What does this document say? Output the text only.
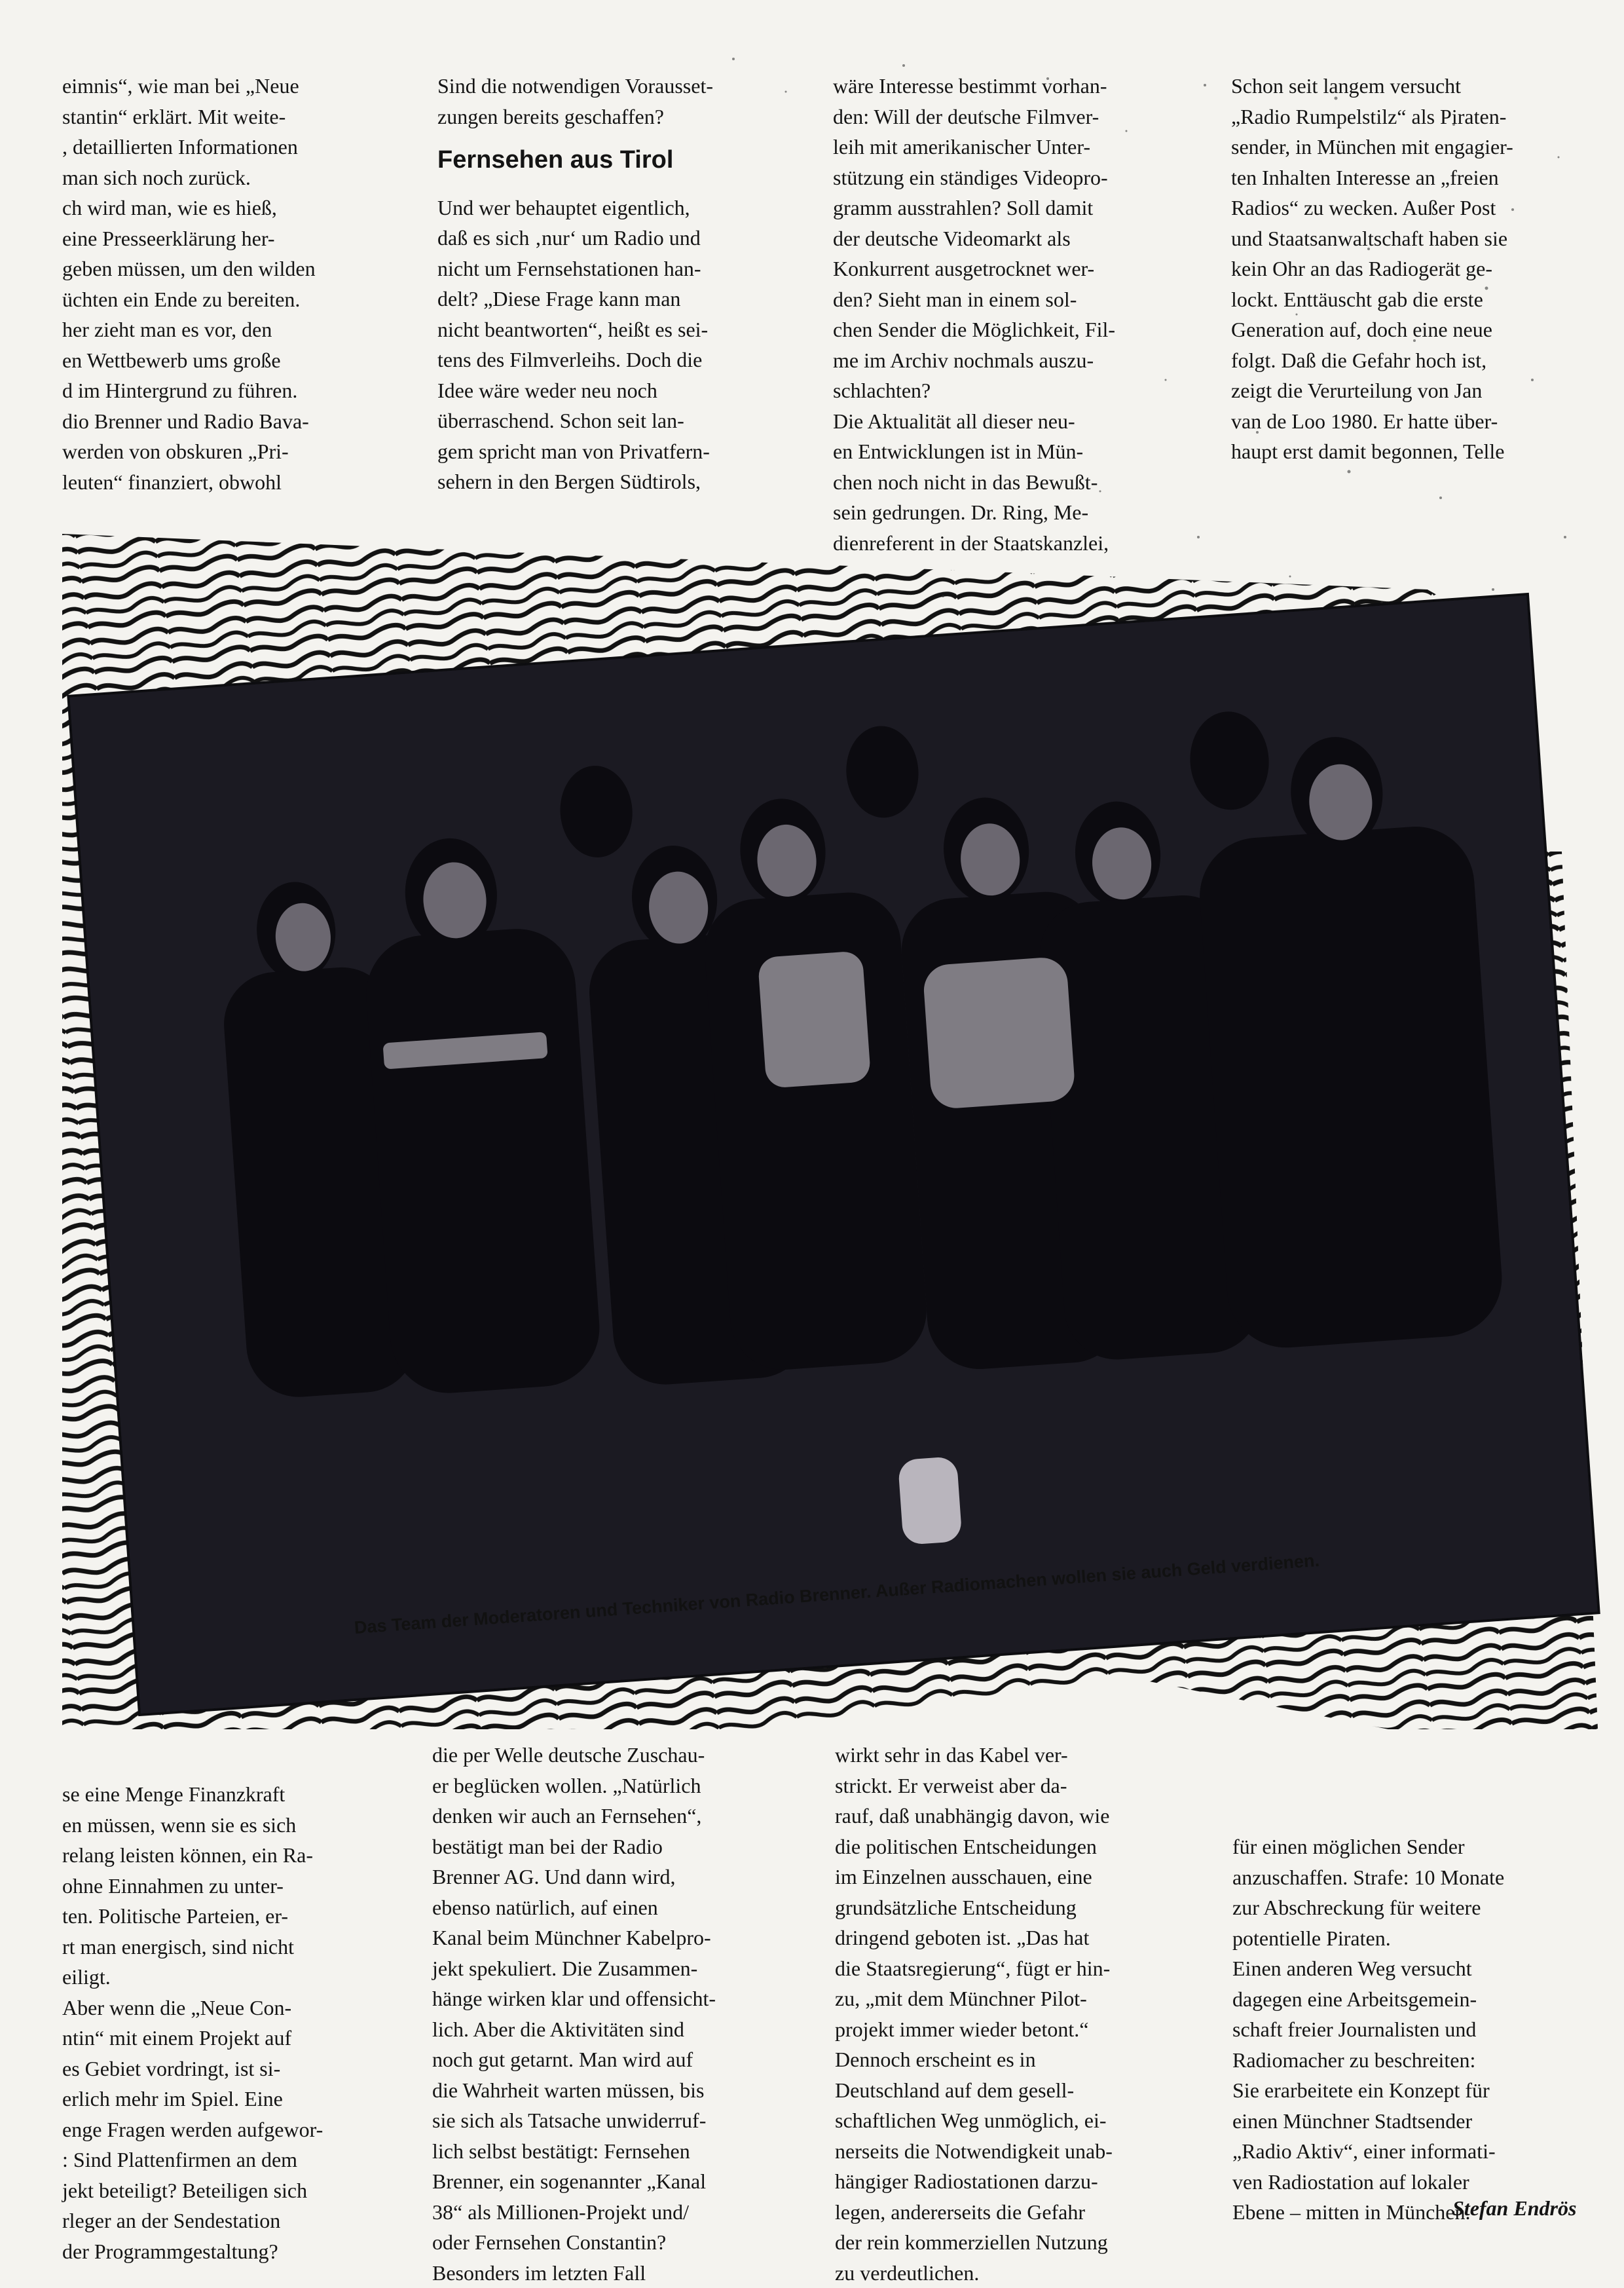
eimnis“, wie man bei „Neue
stantin“ erklärt. Mit weite-
, detaillierten Informationen
man sich noch zurück.
ch wird man, wie es hieß,
eine Presseerklärung her-
geben müssen, um den wilden
üchten ein Ende zu bereiten.
her zieht man es vor, den
en Wettbewerb ums große
d im Hintergrund zu führen.
dio Brenner und Radio Bava-
werden von obskuren „Pri-
leuten“ finanziert, obwohl
Sind die notwendigen Vorausset-
zungen bereits geschaffen?
Fernsehen aus Tirol
Und wer behauptet eigentlich,
daß es sich ‚nur‘ um Radio und
nicht um Fernsehstationen han-
delt? „Diese Frage kann man
nicht beantworten“, heißt es sei-
tens des Filmverleihs. Doch die
Idee wäre weder neu noch
überraschend. Schon seit lan-
gem spricht man von Privatfern-
sehern in den Bergen Südtirols,
wäre Interesse bestimmt vorhan-
den: Will der deutsche Filmver-
leih mit amerikanischer Unter-
stützung ein ständiges Videopro-
gramm ausstrahlen? Soll damit
der deutsche Videomarkt als
Konkurrent ausgetrocknet wer-
den? Sieht man in einem sol-
chen Sender die Möglichkeit, Fil-
me im Archiv nochmals auszu-
schlachten?
Die Aktualität all dieser neu-
en Entwicklungen ist in Mün-
chen noch nicht in das Bewußt-
sein gedrungen. Dr. Ring, Me-
dienreferent in der Staatskanzlei,
Schon seit langem versucht
„Radio Rumpelstilz“ als Piraten-
sender, in München mit engagier-
ten Inhalten Interesse an „freien
Radios“ zu wecken. Außer Post
und Staatsanwaltschaft haben sie
kein Ohr an das Radiogerät ge-
lockt. Enttäuscht gab die erste
Generation auf, doch eine neue
folgt. Daß die Gefahr hoch ist,
zeigt die Verurteilung von Jan
van de Loo 1980. Er hatte über-
haupt erst damit begonnen, Telle
Das Team der Moderatoren und Techniker von Radio Brenner. Außer Radiomachen wollen sie auch Geld verdienen.
se eine Menge Finanzkraft
en müssen, wenn sie es sich
relang leisten können, ein Ra-
ohne Einnahmen zu unter-
ten. Politische Parteien, er-
rt man energisch, sind nicht
eiligt.
Aber wenn die „Neue Con-
ntin“ mit einem Projekt auf
es Gebiet vordringt, ist si-
erlich mehr im Spiel. Eine
enge Fragen werden aufgewor-
: Sind Plattenfirmen an dem
jekt beteiligt? Beteiligen sich
rleger an der Sendestation
der Programmgestaltung?
die per Welle deutsche Zuschau-
er beglücken wollen. „Natürlich
denken wir auch an Fernsehen“,
bestätigt man bei der Radio
Brenner AG. Und dann wird,
ebenso natürlich, auf einen
Kanal beim Münchner Kabelpro-
jekt spekuliert. Die Zusammen-
hänge wirken klar und offensicht-
lich. Aber die Aktivitäten sind
noch gut getarnt. Man wird auf
die Wahrheit warten müssen, bis
sie sich als Tatsache unwiderruf-
lich selbst bestätigt: Fernsehen
Brenner, ein sogenannter „Kanal
38“ als Millionen-Projekt und/
oder Fernsehen Constantin?
Besonders im letzten Fall
wirkt sehr in das Kabel ver-
strickt. Er verweist aber da-
rauf, daß unabhängig davon, wie
die politischen Entscheidungen
im Einzelnen ausschauen, eine
grundsätzliche Entscheidung
dringend geboten ist. „Das hat
die Staatsregierung“, fügt er hin-
zu, „mit dem Münchner Pilot-
projekt immer wieder betont.“
Dennoch erscheint es in
Deutschland auf dem gesell-
schaftlichen Weg unmöglich, ei-
nerseits die Notwendigkeit unab-
hängiger Radiostationen darzu-
legen, andererseits die Gefahr
der rein kommerziellen Nutzung
zu verdeutlichen.
für einen möglichen Sender
anzuschaffen. Strafe: 10 Monate
zur Abschreckung für weitere
potentielle Piraten.
Einen anderen Weg versucht
dagegen eine Arbeitsgemein-
schaft freier Journalisten und
Radiomacher zu beschreiten:
Sie erarbeitete ein Konzept für
einen Münchner Stadtsender
„Radio Aktiv“, einer informati-
ven Radiostation auf lokaler
Ebene – mitten in München.
Stefan Endrös
